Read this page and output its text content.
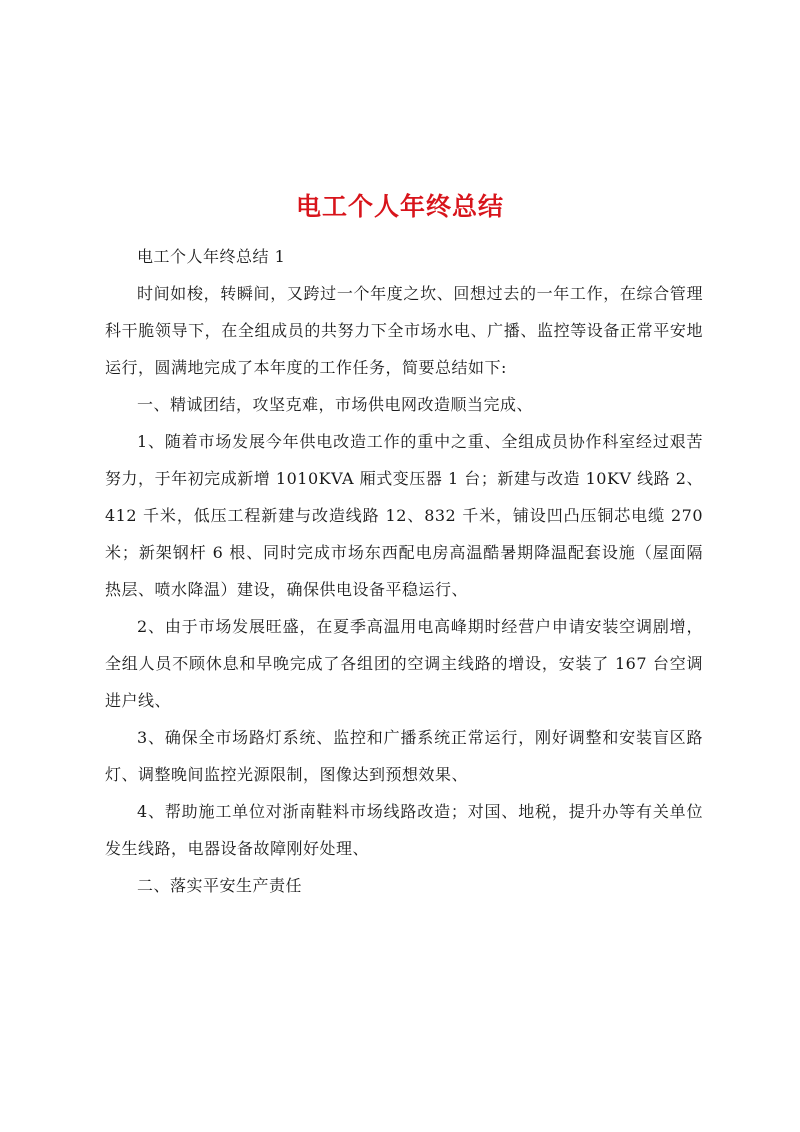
电工个人年终总结

电工个人年终总结 1

时间如梭，转瞬间，又跨过一个年度之坎、回想过去的一年工作，在综合管理科干脆领导下，在全组成员的共努力下全市场水电、广播、监控等设备正常平安地运行，圆满地完成了本年度的工作任务，简要总结如下:

一、精诚团结，攻坚克难，市场供电网改造顺当完成、

1、随着市场发展今年供电改造工作的重中之重、全组成员协作科室经过艰苦努力，于年初完成新增 1010KVA 厢式变压器 1 台；新建与改造 10KV 线路 2、412 千米，低压工程新建与改造线路 12、832 千米，铺设凹凸压铜芯电缆 270 米；新架钢杆 6 根、同时完成市场东西配电房高温酷暑期降温配套设施（屋面隔热层、喷水降温）建设，确保供电设备平稳运行、

2、由于市场发展旺盛，在夏季高温用电高峰期时经营户申请安装空调剧增，全组人员不顾休息和早晚完成了各组团的空调主线路的增设，安装了 167 台空调进户线、

3、确保全市场路灯系统、监控和广播系统正常运行，刚好调整和安装盲区路灯、调整晚间监控光源限制，图像达到预想效果、

4、帮助施工单位对浙南鞋料市场线路改造；对国、地税，提升办等有关单位发生线路，电器设备故障刚好处理、

二、落实平安生产责任
